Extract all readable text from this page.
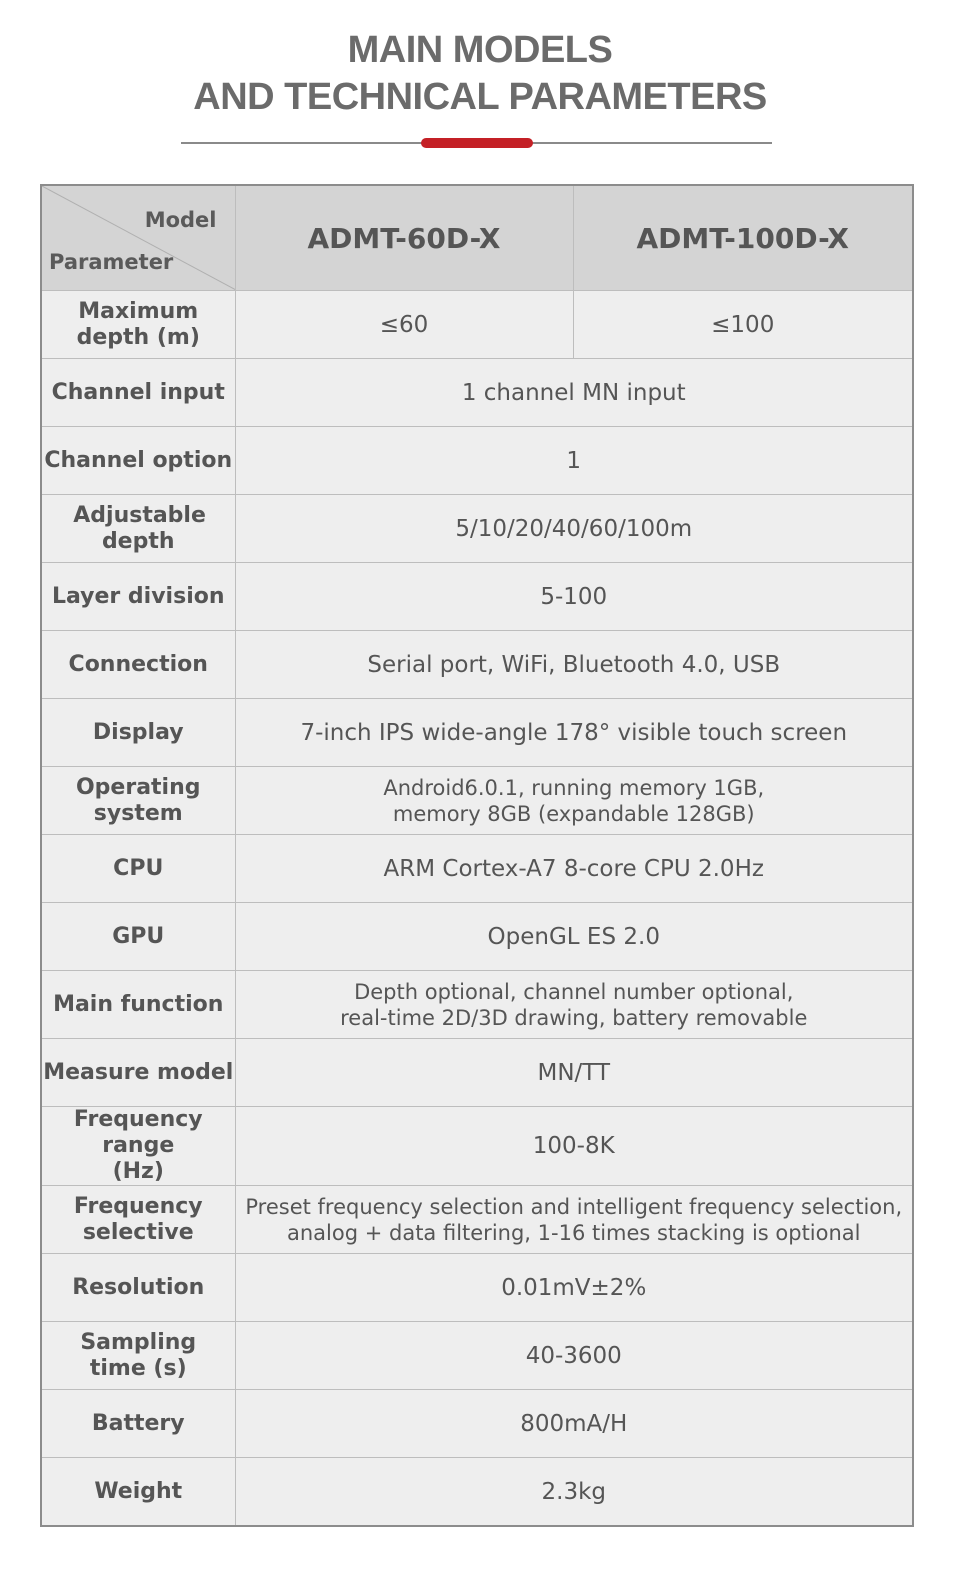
MAIN MODELS
AND TECHNICAL PARAMETERS
Model
Parameter	ADMT-60D-X	ADMT-100D-X
Maximum depth (m)	≤60	≤100
Channel input	1 channel MN input	
Channel option	1	
Adjustable depth	5/10/20/40/60/100m	
Layer division	5-100	
Connection	Serial port, WiFi, Bluetooth 4.0, USB	
Display	7-inch IPS wide-angle 178° visible touch screen	
Operating system	Android6.0.1, running memory 1GB,
memory 8GB (expandable 128GB)	

CPU	ARM Cortex-A7 8-core CPU 2.0Hz	
GPU	OpenGL ES 2.0	
Main function	Depth optional, channel number optional,
real-time 2D/3D drawing, battery removable	

Measure model	MN/TT	
Frequency range (Hz)	100-8K	
Frequency selective	Preset frequency selection and intelligent frequency selection,
analog + data filtering, 1-16 times stacking is optional	

Resolution	0.01mV±2%	
Sampling time (s)	40-3600	
Battery	800mA/H	
Weight	2.3kg	
